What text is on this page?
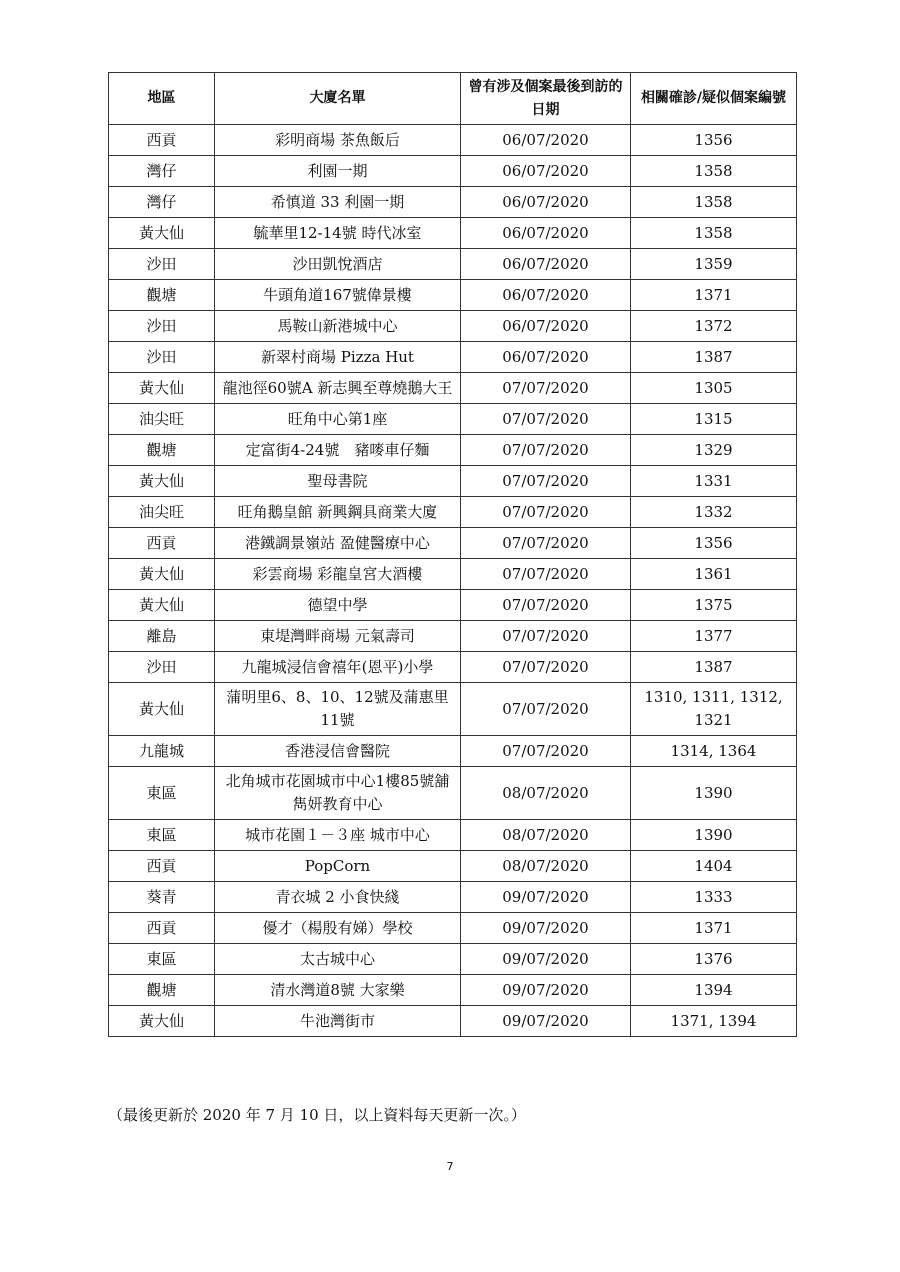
地區	大廈名單	曾有涉及個案最後到訪的日期	相關確診/疑似個案編號
西貢	彩明商場 茶魚飯后	06/07/2020	1356
灣仔	利園一期	06/07/2020	1358
灣仔	希慎道 33 利園一期	06/07/2020	1358
黃大仙	毓華里12-14號 時代冰室	06/07/2020	1358
沙田	沙田凱悅酒店	06/07/2020	1359
觀塘	牛頭角道167號偉景樓	06/07/2020	1371
沙田	馬鞍山新港城中心	06/07/2020	1372
沙田	新翠村商場 Pizza Hut	06/07/2020	1387
黃大仙	龍池徑60號A 新志興至尊燒鵝大王	07/07/2020	1305
油尖旺	旺角中心第1座	07/07/2020	1315
觀塘	定富街4-24號　豬嘜車仔麵	07/07/2020	1329
黃大仙	聖母書院	07/07/2020	1331
油尖旺	旺角鵝皇館 新興鋼具商業大廈	07/07/2020	1332
西貢	港鐵調景嶺站 盈健醫療中心	07/07/2020	1356
黃大仙	彩雲商場 彩龍皇宮大酒樓	07/07/2020	1361
黃大仙	德望中學	07/07/2020	1375
離島	東堤灣畔商場 元氣壽司	07/07/2020	1377
沙田	九龍城浸信會禧年(恩平)小學	07/07/2020	1387
黃大仙	蒲明里6、8、10、12號及蒲惠里11號	07/07/2020	1310, 1311, 1312, 1321
九龍城	香港浸信會醫院	07/07/2020	1314, 1364
東區	北角城市花園城市中心1樓85號舖雋妍教育中心	08/07/2020	1390
東區	城市花園１－３座 城市中心	08/07/2020	1390
西貢	PopCorn	08/07/2020	1404
葵青	青衣城 2 小食快綫	09/07/2020	1333
西貢	優才（楊殷有娣）學校	09/07/2020	1371
東區	太古城中心	09/07/2020	1376
觀塘	清水灣道8號 大家樂	09/07/2020	1394
黃大仙	牛池灣街市	09/07/2020	1371, 1394
（最後更新於 2020 年 7 月 10 日，以上資料每天更新一次。）
7
